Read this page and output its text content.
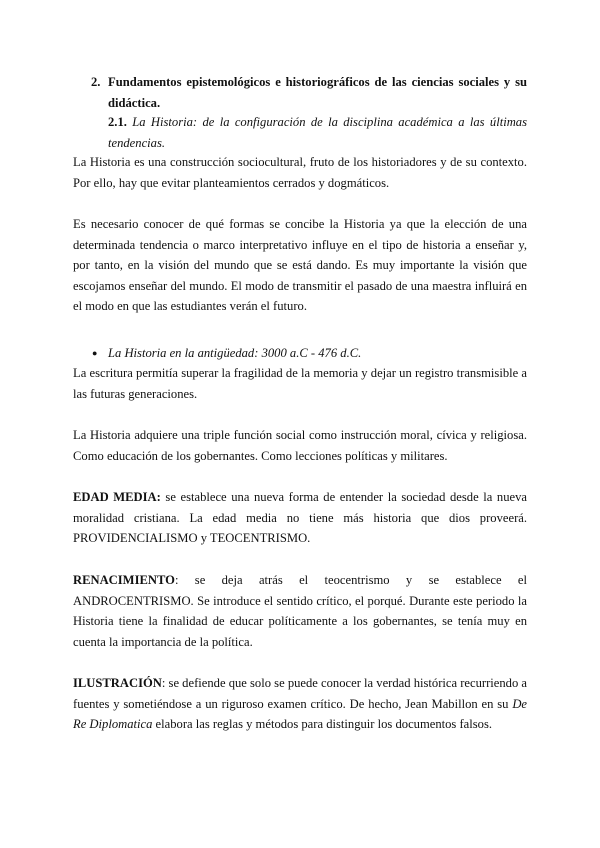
2. Fundamentos epistemológicos e historiográficos de las ciencias sociales y su
didáctica.
2.1. La Historia: de la configuración de la disciplina académica a las últimas tendencias.

La Historia es una construcción sociocultural, fruto de los historiadores y de su contexto. Por ello, hay que evitar planteamientos cerrados y dogmáticos.

Es necesario conocer de qué formas se concibe la Historia ya que la elección de una determinada tendencia o marco interpretativo influye en el tipo de historia a enseñar y, por tanto, en la visión del mundo que se está dando. Es muy importante la visión que escojamos enseñar del mundo. El modo de transmitir el pasado de una maestra influirá en el modo en que las estudiantes verán el futuro.

● La Historia en la antigüedad: 3000 a.C - 476 d.C.

La escritura permitía superar la fragilidad de la memoria y dejar un registro transmisible a las futuras generaciones.

La Historia adquiere una triple función social como instrucción moral, cívica y religiosa. Como educación de los gobernantes. Como lecciones políticas y militares.

EDAD MEDIA: se establece una nueva forma de entender la sociedad desde la nueva moralidad cristiana. La edad media no tiene más historia que dios proveerá. PROVIDENCIALISMO y TEOCENTRISMO.

RENACIMIENTO: se deja atrás el teocentrismo y se establece el ANDROCENTRISMO. Se introduce el sentido crítico, el porqué. Durante este periodo la Historia tiene la finalidad de educar políticamente a los gobernantes, se tenía muy en cuenta la importancia de la política.

ILUSTRACIÓN: se defiende que solo se puede conocer la verdad histórica recurriendo a fuentes y sometiéndose a un riguroso examen crítico. De hecho, Jean Mabillon en su De Re Diplomatica elabora las reglas y métodos para distinguir los documentos falsos.
